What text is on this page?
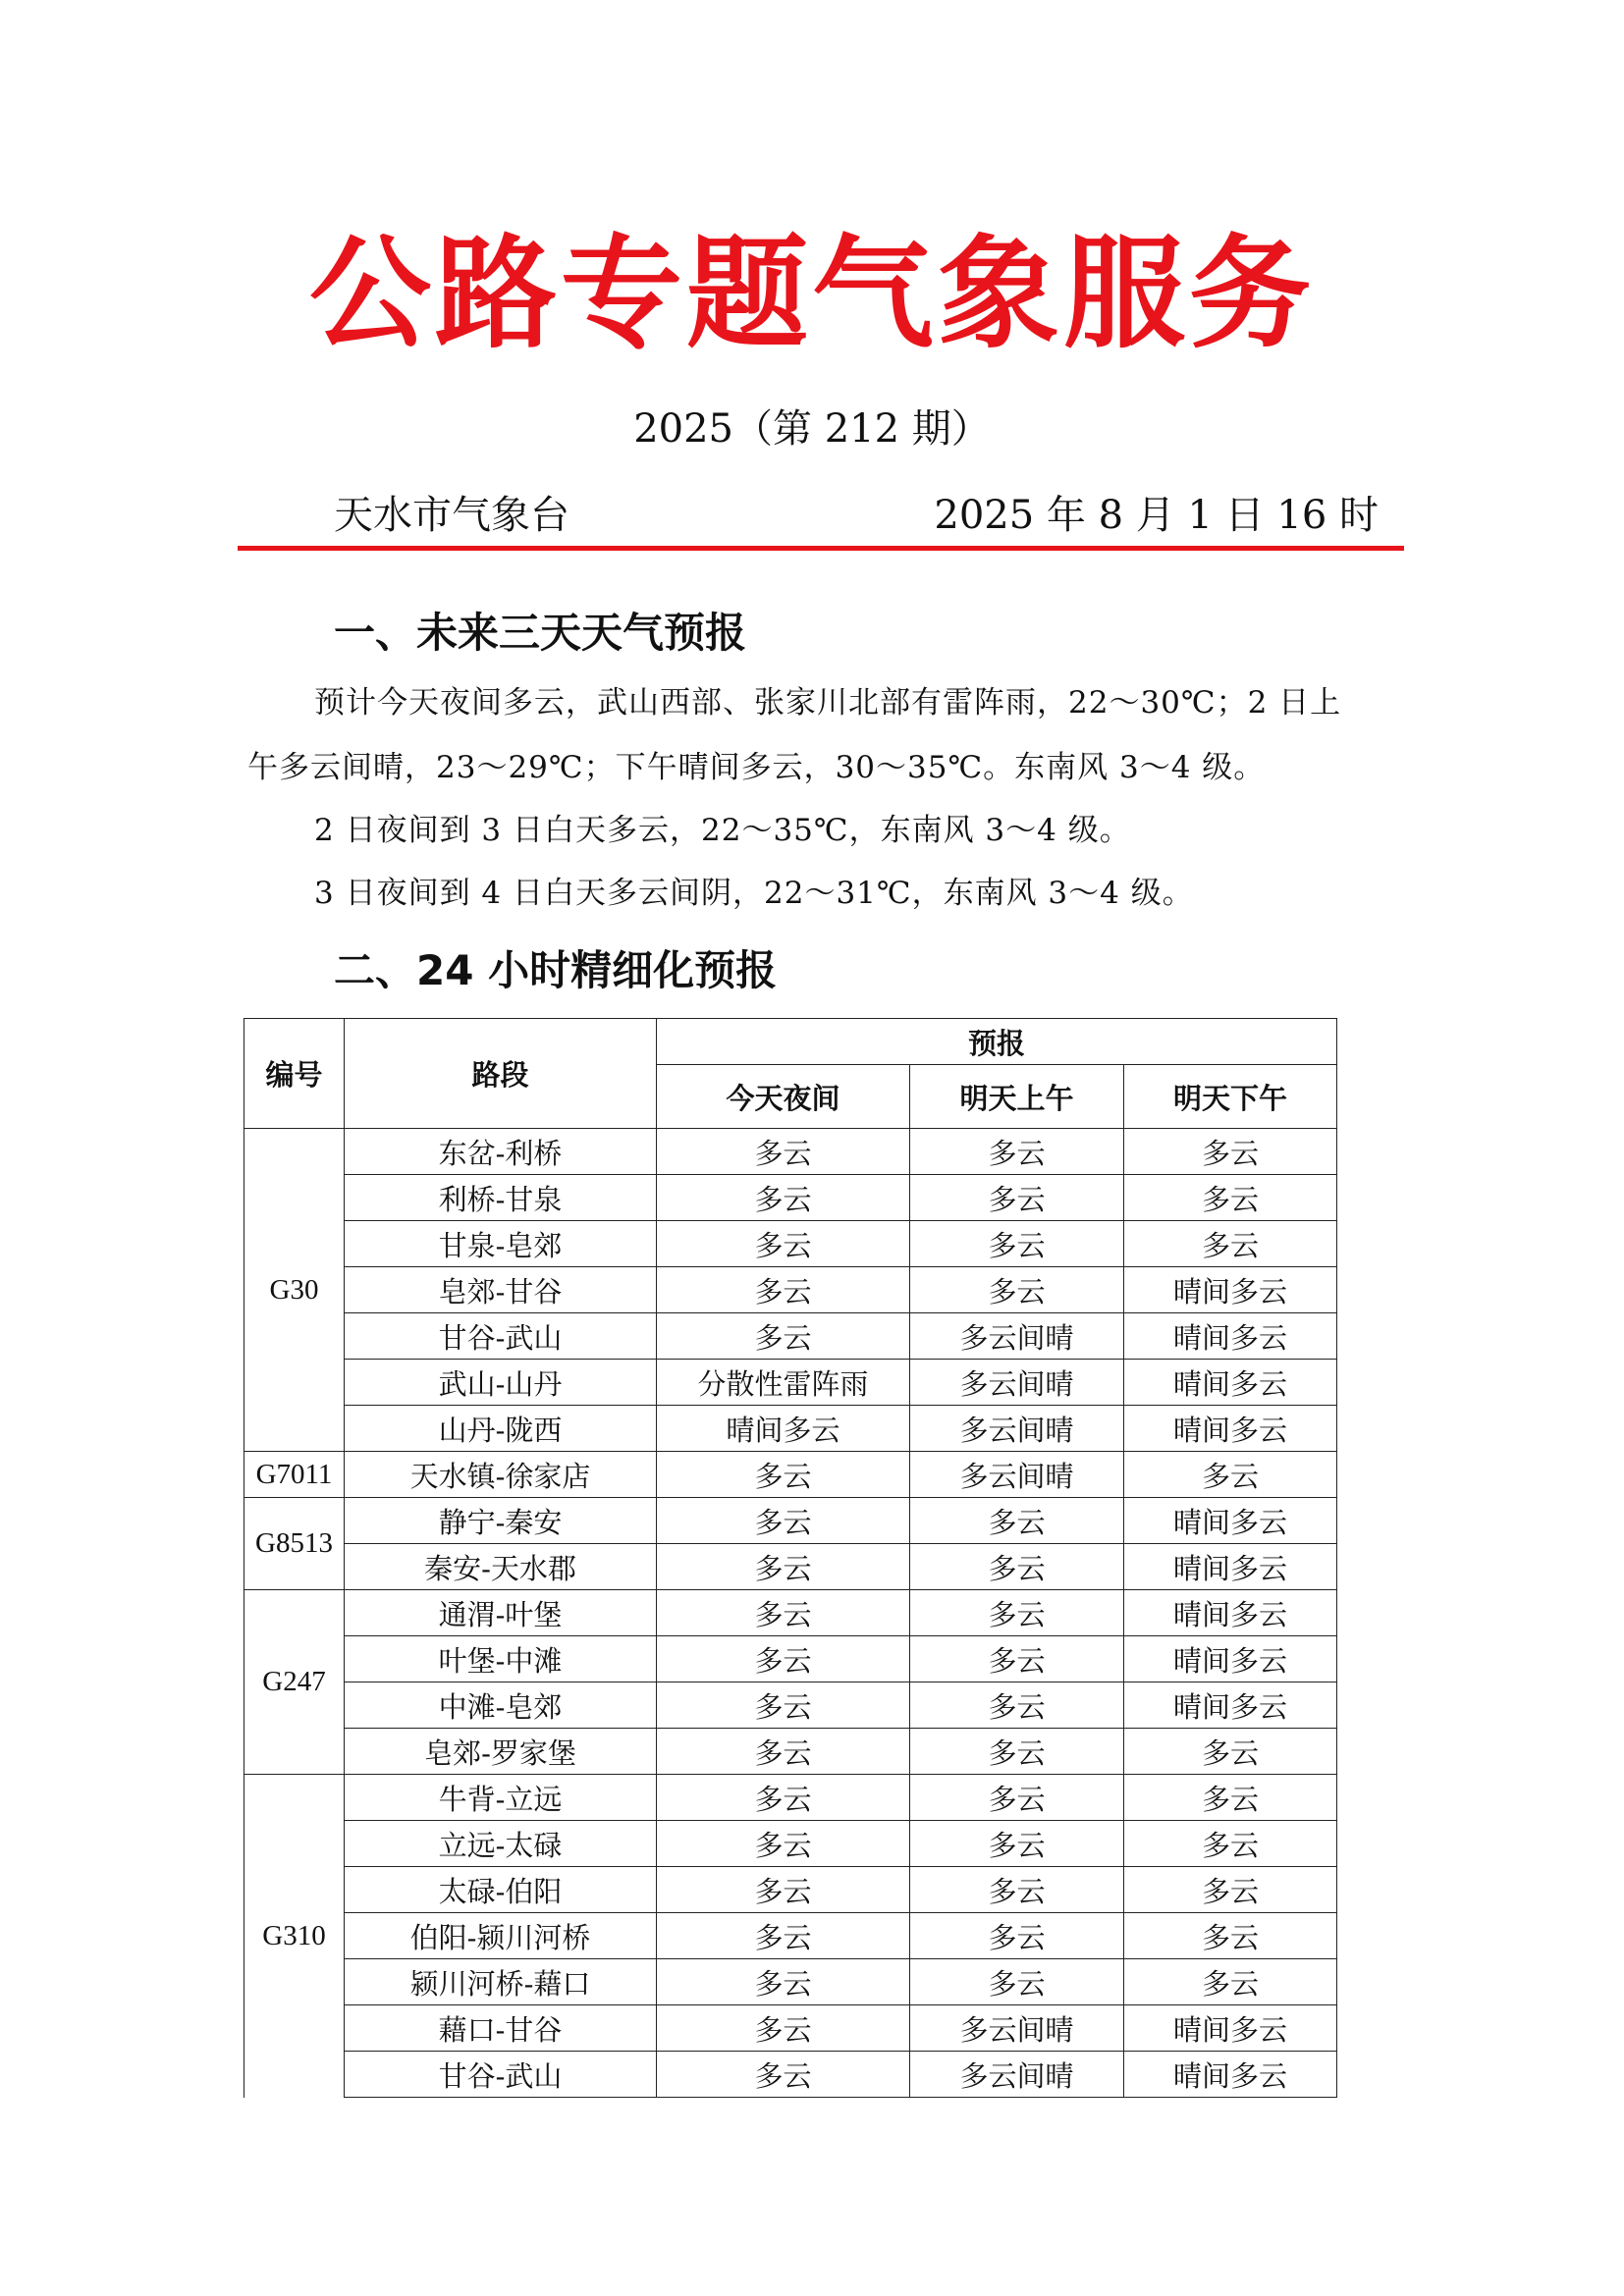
公路专题气象服务
2025（第 212 期）
天水市气象台	2025 年 8 月 1 日 16 时
一、未来三天天气预报
预计今天夜间多云，武山西部、张家川北部有雷阵雨，22～30℃；2 日上
午多云间晴，23～29℃；下午晴间多云，30～35℃。东南风 3～4 级。
2 日夜间到 3 日白天多云，22～35℃，东南风 3～4 级。
3 日夜间到 4 日白天多云间阴，22～31℃，东南风 3～4 级。
二、24 小时精细化预报
编号	路段	预报		
		今天夜间	明天上午	明天下午
G30	东岔-利桥	多云	多云	多云
	利桥-甘泉	多云	多云	多云
	甘泉-皂郊	多云	多云	多云
	皂郊-甘谷	多云	多云	晴间多云
	甘谷-武山	多云	多云间晴	晴间多云
	武山-山丹	分散性雷阵雨	多云间晴	晴间多云
	山丹-陇西	晴间多云	多云间晴	晴间多云
G7011	天水镇-徐家店	多云	多云间晴	多云
G8513	静宁-秦安	多云	多云	晴间多云
	秦安-天水郡	多云	多云	晴间多云
G247	通渭-叶堡	多云	多云	晴间多云
	叶堡-中滩	多云	多云	晴间多云
	中滩-皂郊	多云	多云	晴间多云
	皂郊-罗家堡	多云	多云	多云
G310	牛背-立远	多云	多云	多云
	立远-太碌	多云	多云	多云
	太碌-伯阳	多云	多云	多云
	伯阳-颍川河桥	多云	多云	多云
	颍川河桥-藉口	多云	多云	多云
	藉口-甘谷	多云	多云间晴	晴间多云
	甘谷-武山	多云	多云间晴	晴间多云
